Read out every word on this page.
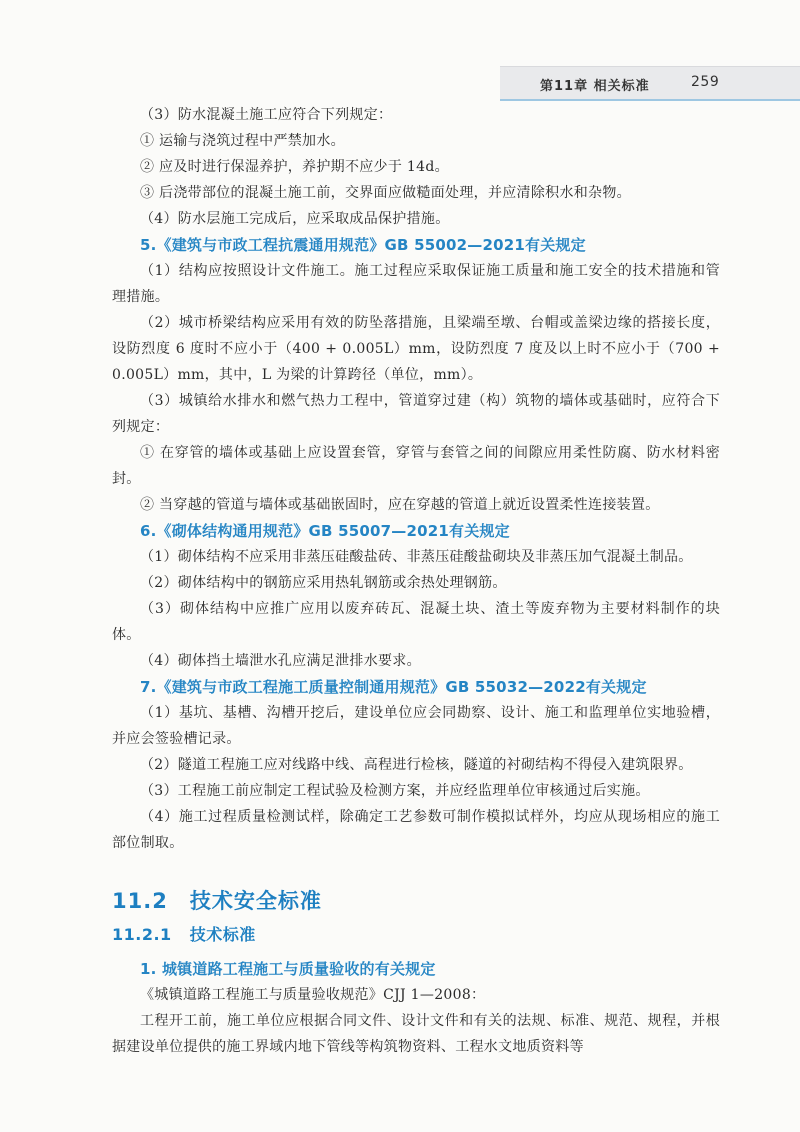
第11章 相关标准	259

（3）防水混凝土施工应符合下列规定：

① 运输与浇筑过程中严禁加水。

② 应及时进行保湿养护，养护期不应少于 14d。

③ 后浇带部位的混凝土施工前，交界面应做糙面处理，并应清除积水和杂物。

（4）防水层施工完成后，应采取成品保护措施。

5.《建筑与市政工程抗震通用规范》GB 55002—2021有关规定

（1）结构应按照设计文件施工。施工过程应采取保证施工质量和施工安全的技术措施和管理措施。

（2）城市桥梁结构应采用有效的防坠落措施，且梁端至墩、台帽或盖梁边缘的搭接长度，设防烈度 6 度时不应小于（400 + 0.005L）mm，设防烈度 7 度及以上时不应小于（700 + 0.005L）mm，其中，L 为梁的计算跨径（单位，mm）。

（3）城镇给水排水和燃气热力工程中，管道穿过建（构）筑物的墙体或基础时，应符合下列规定：

① 在穿管的墙体或基础上应设置套管，穿管与套管之间的间隙应用柔性防腐、防水材料密封。

② 当穿越的管道与墙体或基础嵌固时，应在穿越的管道上就近设置柔性连接装置。

6.《砌体结构通用规范》GB 55007—2021有关规定

（1）砌体结构不应采用非蒸压硅酸盐砖、非蒸压硅酸盐砌块及非蒸压加气混凝土制品。

（2）砌体结构中的钢筋应采用热轧钢筋或余热处理钢筋。

（3）砌体结构中应推广应用以废弃砖瓦、混凝土块、渣土等废弃物为主要材料制作的块体。

（4）砌体挡土墙泄水孔应满足泄排水要求。

7.《建筑与市政工程施工质量控制通用规范》GB 55032—2022有关规定

（1）基坑、基槽、沟槽开挖后，建设单位应会同勘察、设计、施工和监理单位实地验槽，并应会签验槽记录。

（2）隧道工程施工应对线路中线、高程进行检核，隧道的衬砌结构不得侵入建筑限界。

（3）工程施工前应制定工程试验及检测方案，并应经监理单位审核通过后实施。

（4）施工过程质量检测试样，除确定工艺参数可制作模拟试样外，均应从现场相应的施工部位制取。

11.2 技术安全标准

11.2.1 技术标准

1. 城镇道路工程施工与质量验收的有关规定

《城镇道路工程施工与质量验收规范》CJJ 1—2008：

工程开工前，施工单位应根据合同文件、设计文件和有关的法规、标准、规范、规程，并根据建设单位提供的施工界域内地下管线等构筑物资料、工程水文地质资料等
